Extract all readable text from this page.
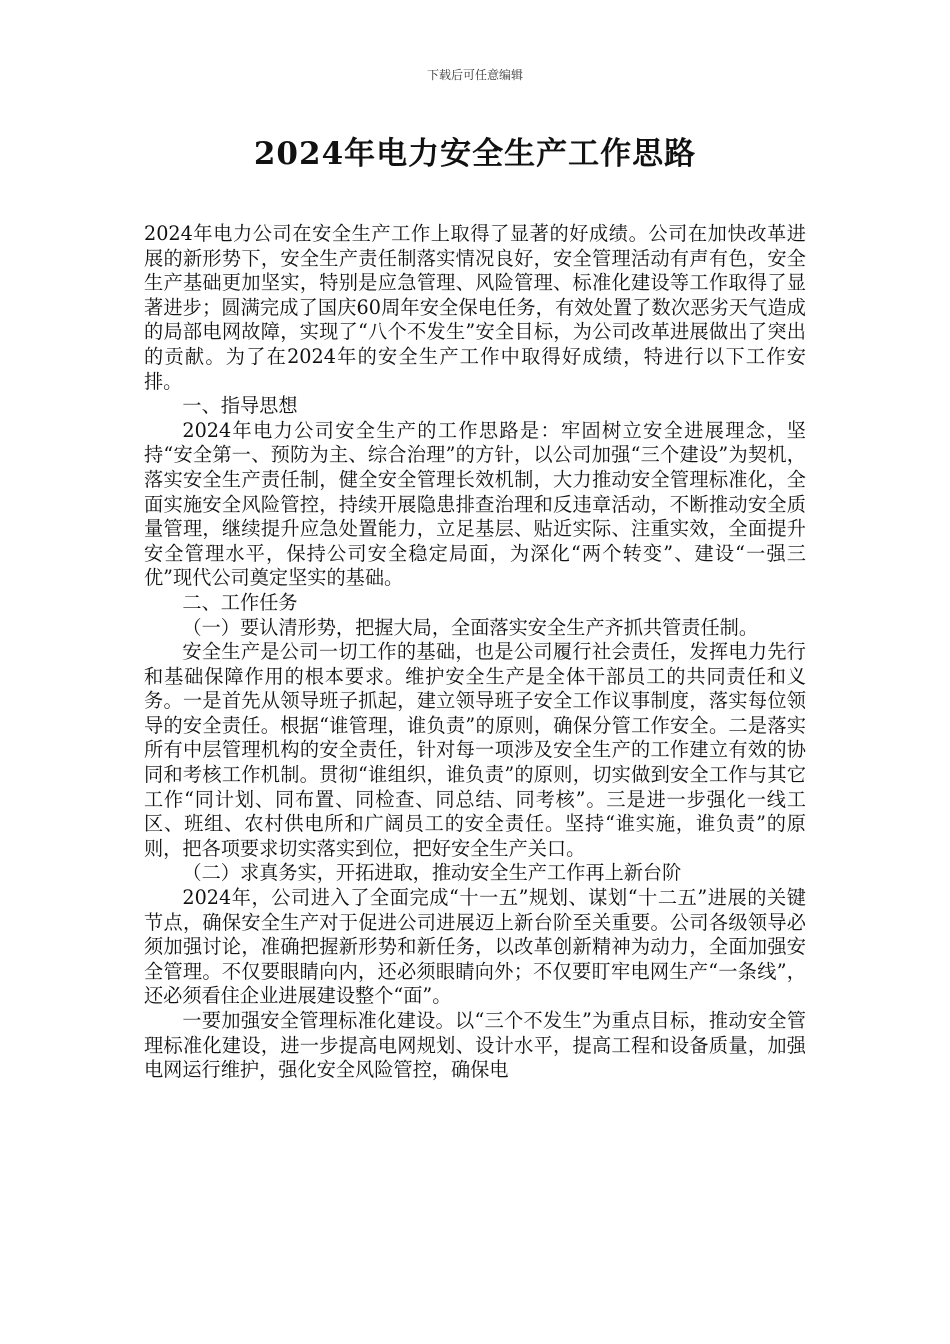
下载后可任意编辑
2024年电力安全生产工作思路

2024年电力公司在安全生产工作上取得了显著的好成绩。公司在加快改革进展的新形势下，安全生产责任制落实情况良好，安全管理活动有声有色，安全生产基础更加坚实，特别是应急管理、风险管理、标准化建设等工作取得了显著进步；圆满完成了国庆60周年安全保电任务，有效处置了数次恶劣天气造成的局部电网故障，实现了“八个不发生”安全目标，为公司改革进展做出了突出的贡献。为了在2024年的安全生产工作中取得好成绩，特进行以下工作安排。

一、指导思想

2024年电力公司安全生产的工作思路是：牢固树立安全进展理念，坚持“安全第一、预防为主、综合治理”的方针，以公司加强“三个建设”为契机，落实安全生产责任制，健全安全管理长效机制，大力推动安全管理标准化，全面实施安全风险管控，持续开展隐患排查治理和反违章活动，不断推动安全质量管理，继续提升应急处置能力，立足基层、贴近实际、注重实效，全面提升安全管理水平，保持公司安全稳定局面，为深化“两个转变”、建设“一强三优”现代公司奠定坚实的基础。

二、工作任务

（一）要认清形势，把握大局，全面落实安全生产齐抓共管责任制。

安全生产是公司一切工作的基础，也是公司履行社会责任，发挥电力先行和基础保障作用的根本要求。维护安全生产是全体干部员工的共同责任和义务。一是首先从领导班子抓起，建立领导班子安全工作议事制度，落实每位领导的安全责任。根据“谁管理，谁负责”的原则，确保分管工作安全。二是落实所有中层管理机构的安全责任，针对每一项涉及安全生产的工作建立有效的协同和考核工作机制。贯彻“谁组织，谁负责”的原则，切实做到安全工作与其它工作“同计划、同布置、同检查、同总结、同考核”。三是进一步强化一线工区、班组、农村供电所和广阔员工的安全责任。坚持“谁实施，谁负责”的原则，把各项要求切实落实到位，把好安全生产关口。

（二）求真务实，开拓进取，推动安全生产工作再上新台阶

2024年，公司进入了全面完成“十一五”规划、谋划“十二五”进展的关键节点，确保安全生产对于促进公司进展迈上新台阶至关重要。公司各级领导必须加强讨论，准确把握新形势和新任务，以改革创新精神为动力，全面加强安全管理。不仅要眼睛向内，还必须眼睛向外；不仅要盯牢电网生产“一条线”，还必须看住企业进展建设整个“面”。

一要加强安全管理标准化建设。以“三个不发生”为重点目标，推动安全管理标准化建设，进一步提高电网规划、设计水平，提高工程和设备质量，加强电网运行维护，强化安全风险管控，确保电
